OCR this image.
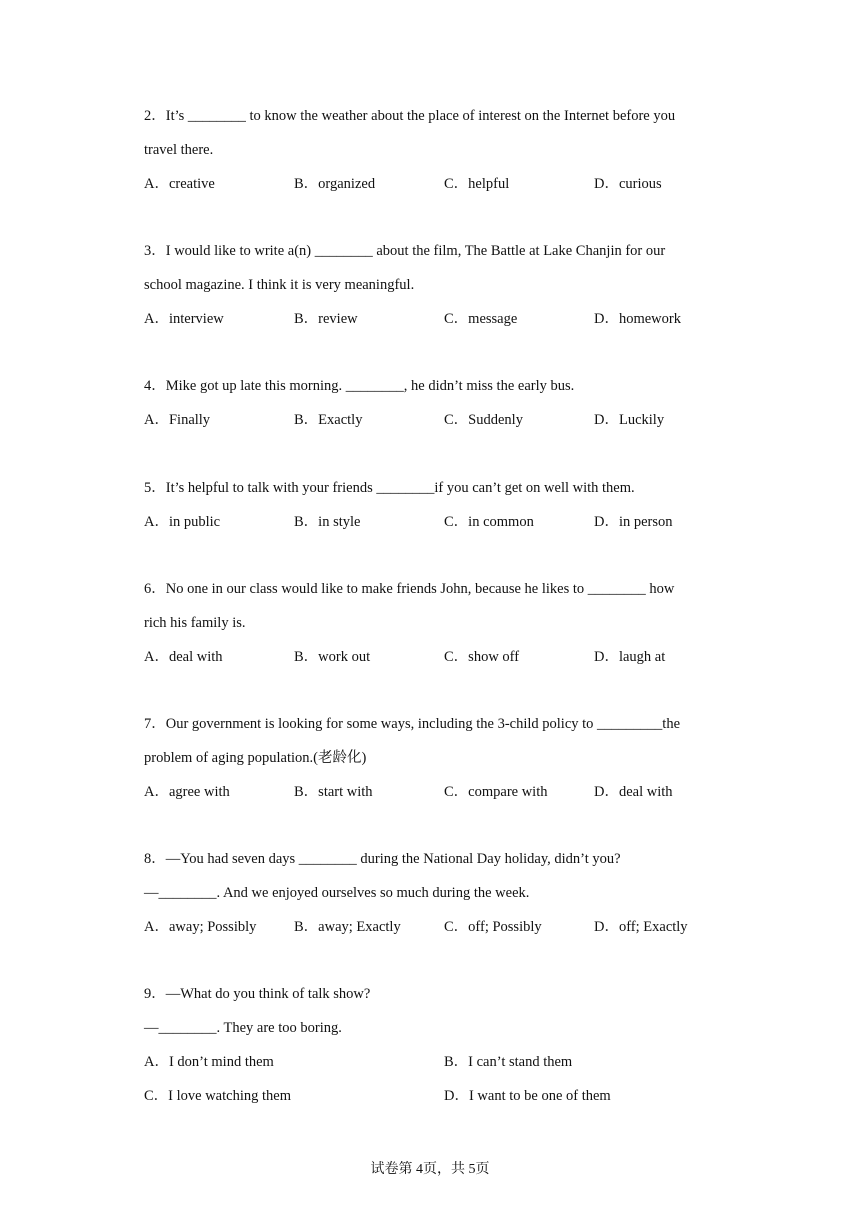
2．It’s ________ to know the weather about the place of interest on the Internet before you
travel there.
A．creative	B．organized	C．helpful	D．curious
3．I would like to write a(n) ________ about the film, The Battle at Lake Chanjin for our
school magazine. I think it is very meaningful.
A．interview	B．review	C．message	D．homework
4．Mike got up late this morning. ________, he didn’t miss the early bus.
A．Finally	B．Exactly	C．Suddenly	D．Luckily
5．It’s helpful to talk with your friends ________if you can’t get on well with them.
A．in public	B．in style	C．in common	D．in person
6．No one in our class would like to make friends John, because he likes to ________ how
rich his family is.
A．deal with	B．work out	C．show off	D．laugh at
7．Our government is looking for some ways, including the 3-child policy to _________the
problem of aging population.(老龄化)
A．agree with	B．start with	C．compare with	D．deal with
8．—You had seven days ________ during the National Day holiday, didn’t you?
—________. And we enjoyed ourselves so much during the week.
A．away; Possibly	B．away; Exactly	C．off; Possibly	D．off; Exactly
9．—What do you think of talk show?
—________. They are too boring.
A．I don’t mind them	B．I can’t stand them
C．I love watching them	D．I want to be one of them
试卷第 4页，共 5页
